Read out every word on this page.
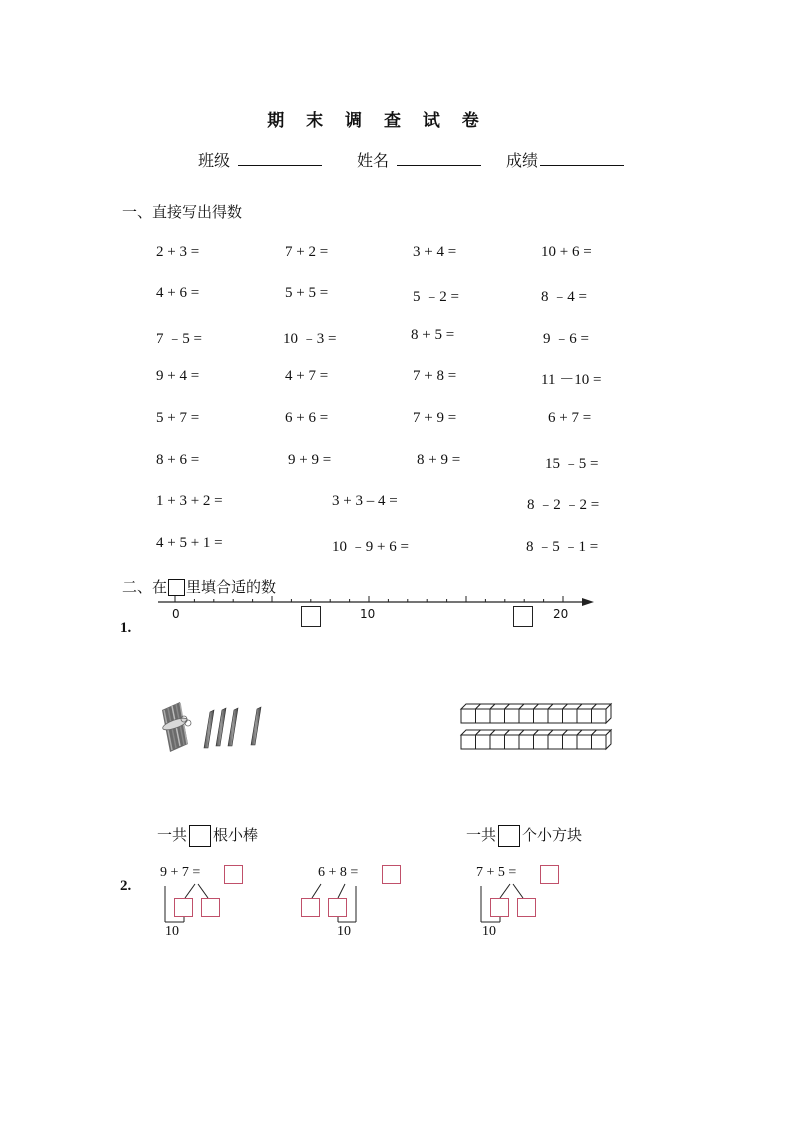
期 末 调 查 试 卷
班级	姓名	成绩
一、直接写出得数
2 + 3 =	7 + 2 =	3 + 4 =	10 + 6 =
4 + 6 =	5 + 5 =	5 ﹣2 =	8 ﹣4 =
7 ﹣5 =	10 ﹣3 =	8 + 5 =	9 ﹣6 =
9 + 4 =	4 + 7 =	7 + 8 =	11 －10 =
5 + 7 =	6 + 6 =	7 + 9 =	6 + 7 =
8 + 6 =	9 + 9 =	8 + 9 =	15 ﹣5 =
1 + 3 + 2 =	3 + 3 – 4 =	8 ﹣2 ﹣2 =
4 + 5 + 1 =	10 ﹣9 + 6 =	8 ﹣5 ﹣1 =
二、在 里填合适的数
1.
0	10	20
一共 根小棒	一共 个小方块
2.
9 + 7 =
10
6 + 8 =
10
7 + 5 =
10
